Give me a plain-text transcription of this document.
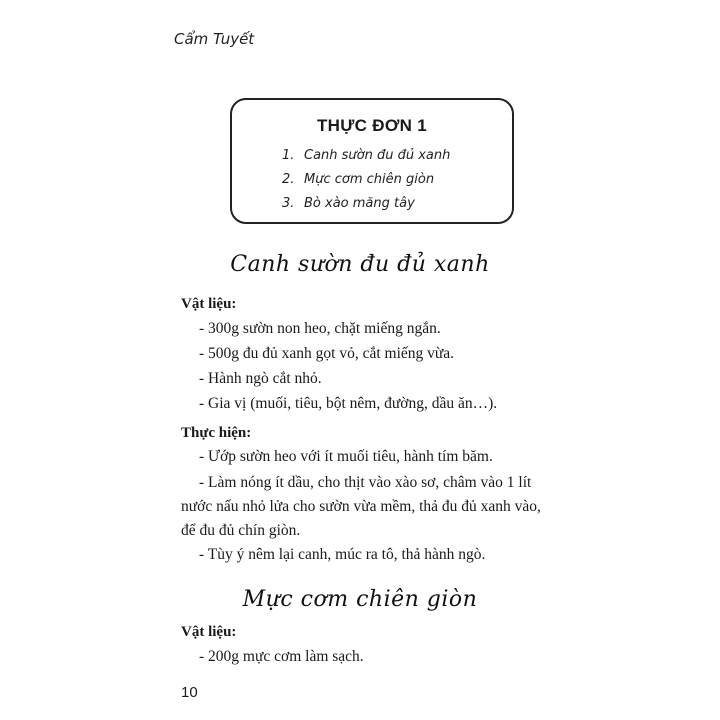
Cẩm Tuyết
THỰC ĐƠN 1
1. Canh sườn đu đủ xanh
2. Mực cơm chiên giòn
3. Bò xào măng tây
Canh sườn đu đủ xanh
Vật liệu:
- 300g sườn non heo, chặt miếng ngắn.
- 500g đu đủ xanh gọt vỏ, cắt miếng vừa.
- Hành ngò cắt nhỏ.
- Gia vị (muối, tiêu, bột nêm, đường, dầu ăn…).
Thực hiện:
- Ướp sườn heo với ít muối tiêu, hành tím băm.
- Làm nóng ít dầu, cho thịt vào xào sơ, châm vào 1 lít
nước nấu nhỏ lửa cho sườn vừa mềm, thả đu đủ xanh vào,
để đu đủ chín giòn.
- Tùy ý nêm lại canh, múc ra tô, thả hành ngò.
Mực cơm chiên giòn
Vật liệu:
- 200g mực cơm làm sạch.
10
